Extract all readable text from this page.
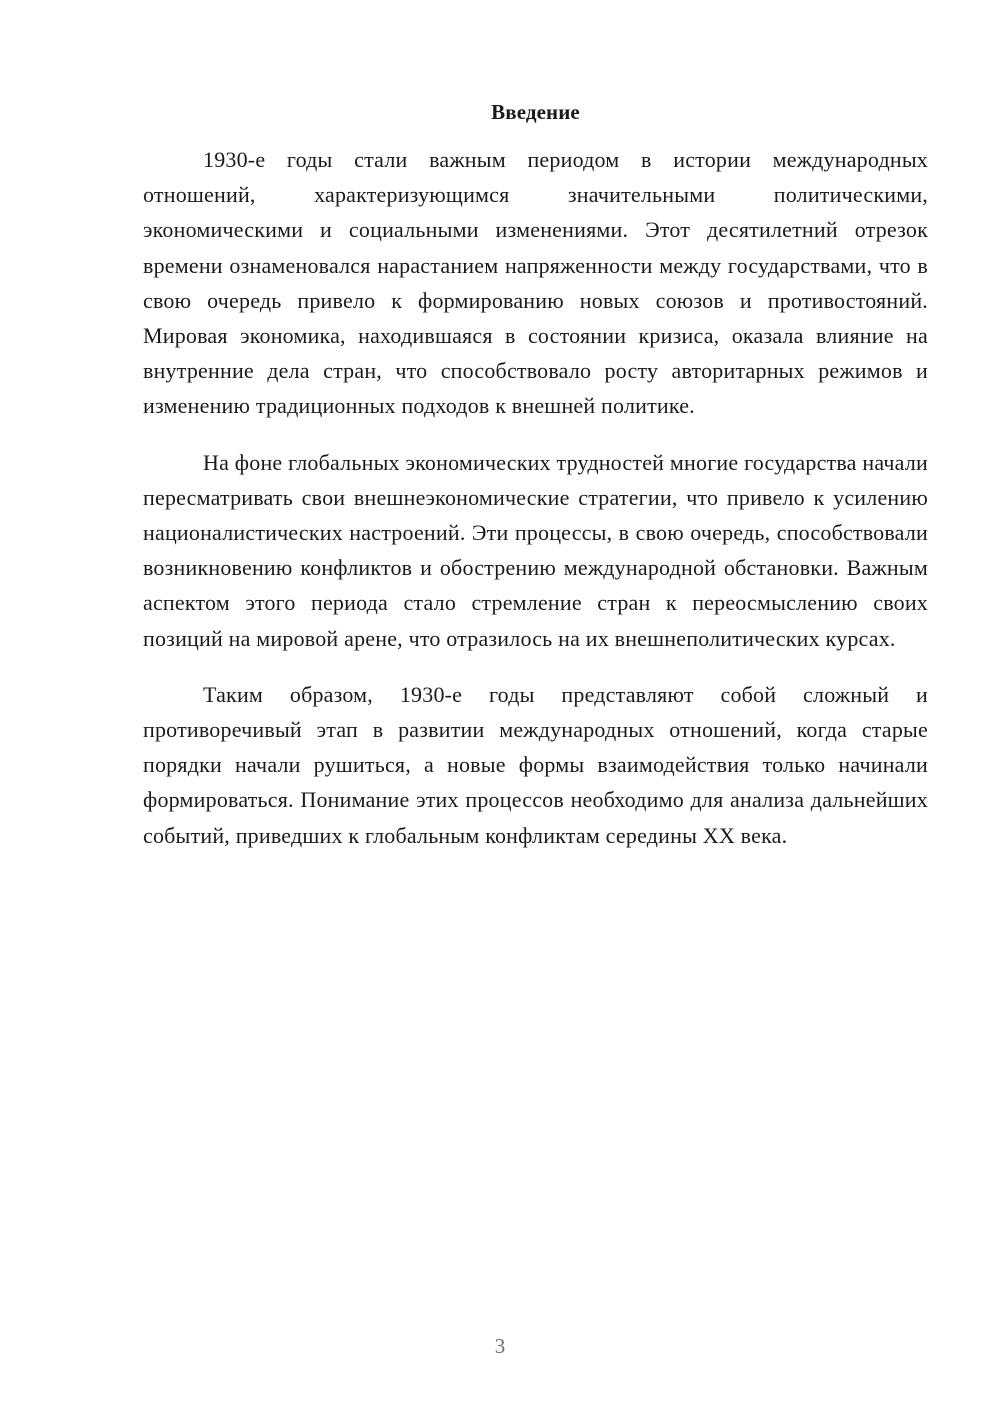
Введение

1930-е годы стали важным периодом в истории международных отношений, характеризующимся значительными политическими, экономическими и социальными изменениями. Этот десятилетний отрезок времени ознаменовался нарастанием напряженности между государствами, что в свою очередь привело к формированию новых союзов и противостояний. Мировая экономика, находившаяся в состоянии кризиса, оказала влияние на внутренние дела стран, что способствовало росту авторитарных режимов и изменению традиционных подходов к внешней политике.

На фоне глобальных экономических трудностей многие государства начали пересматривать свои внешнеэкономические стратегии, что привело к усилению националистических настроений. Эти процессы, в свою очередь, способствовали возникновению конфликтов и обострению международной обстановки. Важным аспектом этого периода стало стремление стран к переосмыслению своих позиций на мировой арене, что отразилось на их внешнеполитических курсах.

Таким образом, 1930-е годы представляют собой сложный и противоречивый этап в развитии международных отношений, когда старые порядки начали рушиться, а новые формы взаимодействия только начинали формироваться. Понимание этих процессов необходимо для анализа дальнейших событий, приведших к глобальным конфликтам середины XX века.

3
